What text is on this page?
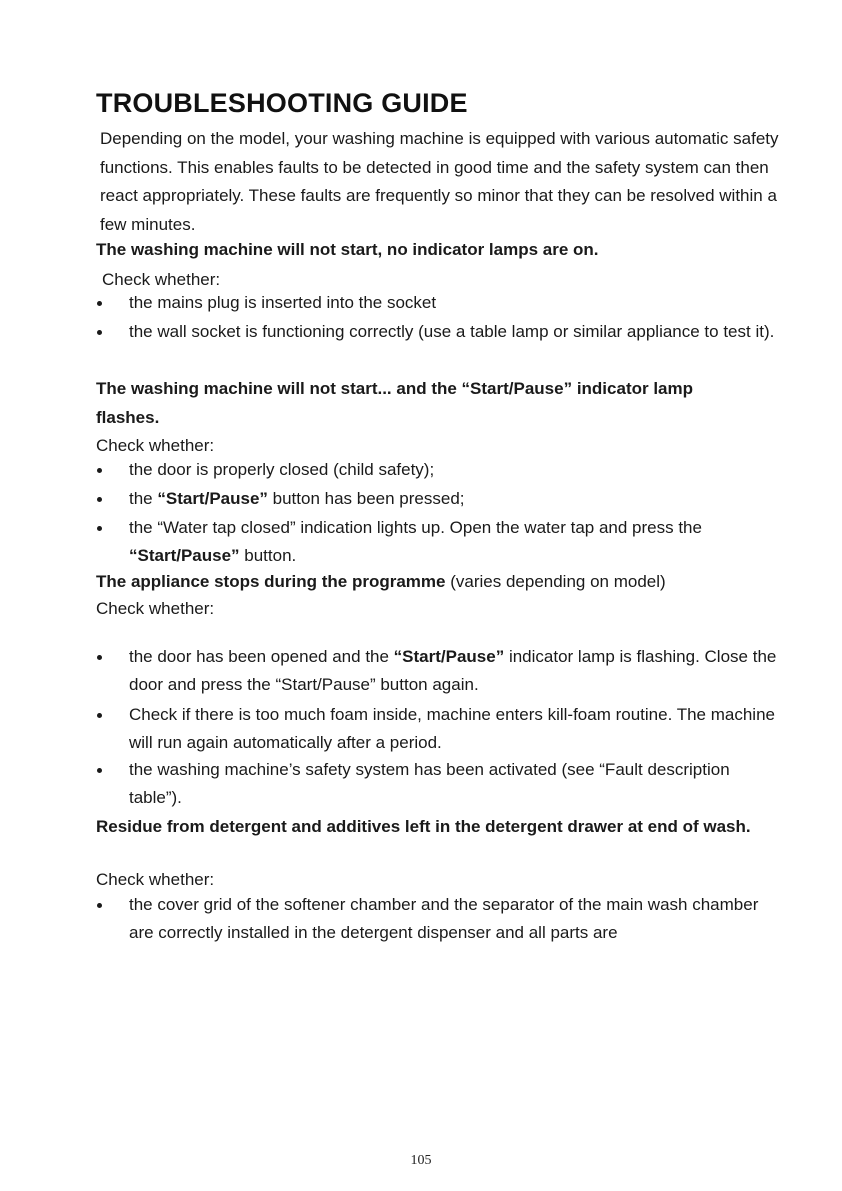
TROUBLESHOOTING GUIDE

Depending on the model, your washing machine is equipped with various automatic safety functions. This enables faults to be detected in good time and the safety system can then react appropriately. These faults are frequently so minor that they can be resolved within a few minutes.

The washing machine will not start, no indicator lamps are on.

Check whether:

the mains plug is inserted into the socket
the wall socket is functioning correctly (use a table lamp or similar appliance to test it).

The washing machine will not start... and the “Start/Pause” indicator lamp flashes.

Check whether:

the door is properly closed (child safety);
the “Start/Pause” button has been pressed;
the “Water tap closed” indication lights up. Open the water tap and press the “Start/Pause” button.

The appliance stops during the programme (varies depending on model)

Check whether:

the door has been opened and the “Start/Pause” indicator lamp is flashing. Close the door and press the “Start/Pause” button again.
Check if there is too much foam inside, machine enters kill-foam routine. The machine will run again automatically after a period.
the washing machine’s safety system has been activated (see “Fault description table”).

Residue from detergent and additives left in the detergent drawer at end of wash.

Check whether:

the cover grid of the softener chamber and the separator of the main wash chamber are correctly installed in the detergent dispenser and all parts are
105
